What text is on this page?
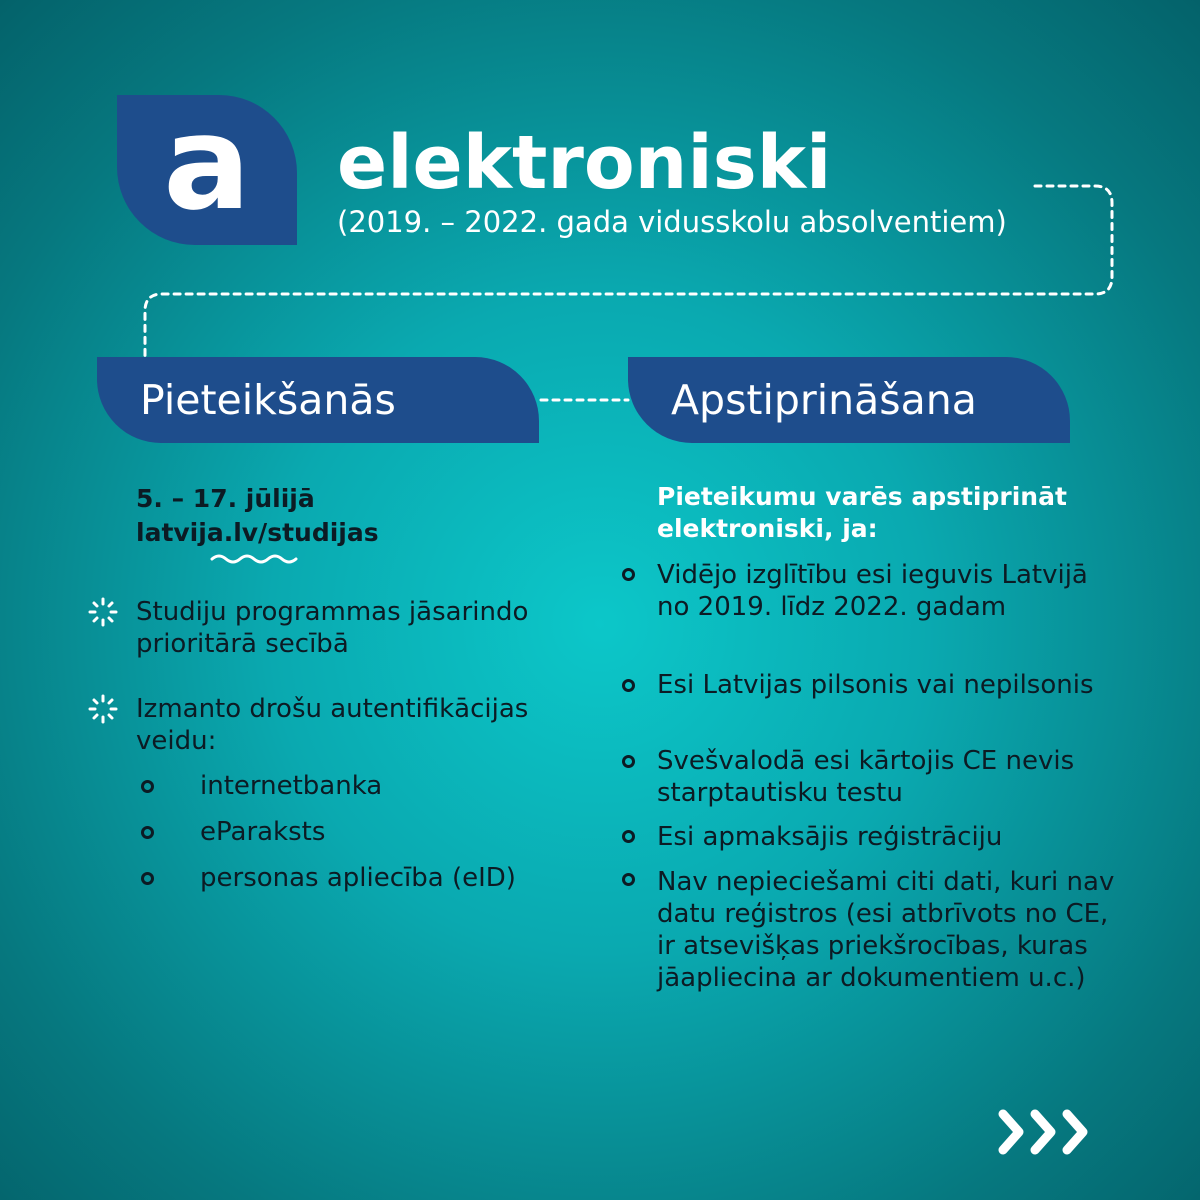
a	elektroniski
(2019. – 2022. gada vidusskolu absolventiem)
Pieteikšanās	Apstiprināšana
5. – 17. jūlijā
latvija.lv/studijas
Studiju programmas jāsarindo prioritārā secībā
Izmanto drošu autentifikācijas veidu:
internetbanka
eParaksts
personas apliecība (eID)
Pieteikumu varēs apstiprināt elektroniski, ja:
Vidējo izglītību esi ieguvis Latvijā no 2019. līdz 2022. gadam
Esi Latvijas pilsonis vai nepilsonis
Svešvalodā esi kārtojis CE nevis starptautisku testu
Esi apmaksājis reģistrāciju
Nav nepieciešami citi dati, kuri nav datu reģistros (esi atbrīvots no CE, ir atsevišķas priekšrocības, kuras jāapliecina ar dokumentiem u.c.)
